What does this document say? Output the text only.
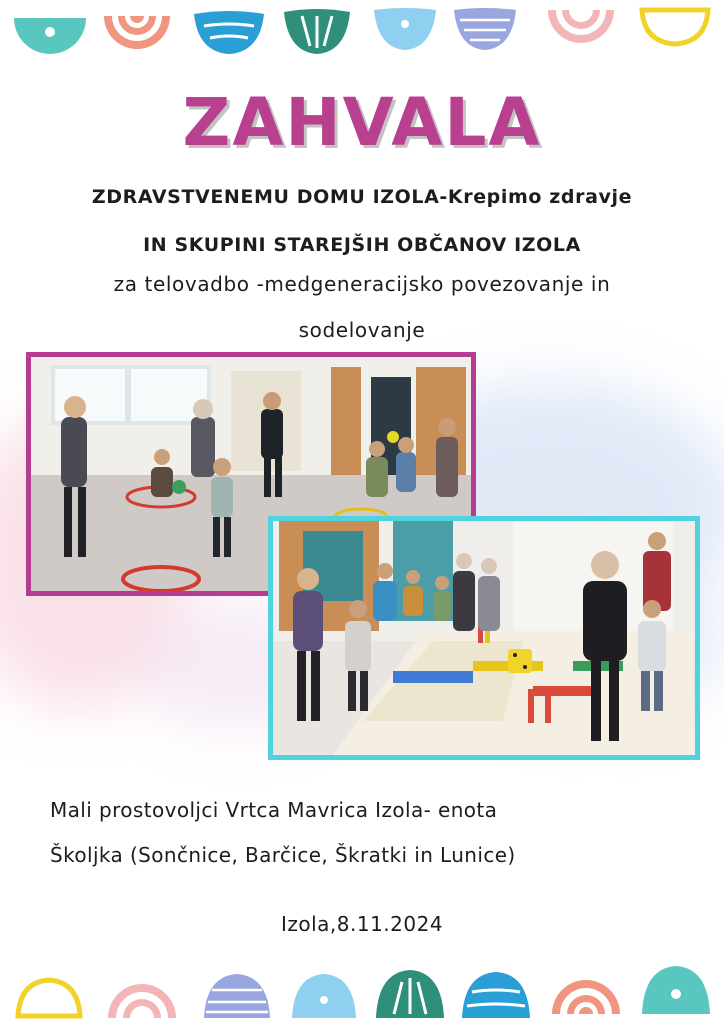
ZAHVALA

ZDRAVSTVENEMU DOMU IZOLA-Krepimo zdravje

IN SKUPINI STAREJŠIH OBČANOV IZOLA

za telovadbo -medgeneracijsko povezovanje in

sodelovanje

Mali prostovoljci Vrtca Mavrica Izola- enota

Školjka (Sončnice, Barčice, Škratki in Lunice)

Izola,8.11.2024
